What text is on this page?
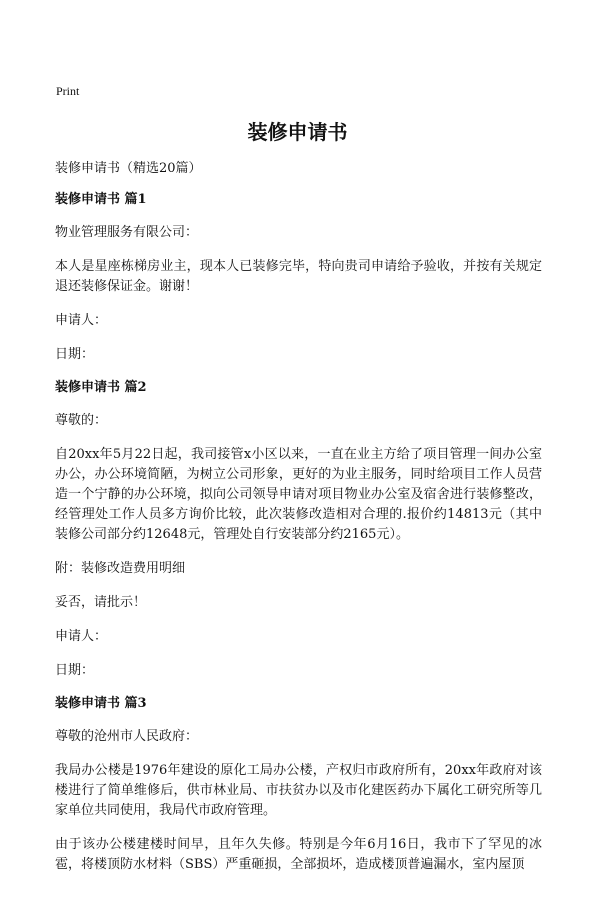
Print
装修申请书
装修申请书（精选20篇）
装修申请书 篇1

物业管理服务有限公司：

本人是星座栋梯房业主，现本人已装修完毕，特向贵司申请给予验收，并按有关规定退还装修保证金。谢谢！

申请人：

日期：

装修申请书 篇2

尊敬的：

自20xx年5月22日起，我司接管x小区以来，一直在业主方给了项目管理一间办公室办公，办公环境简陋，为树立公司形象，更好的为业主服务，同时给项目工作人员营造一个宁静的办公环境，拟向公司领导申请对项目物业办公室及宿舍进行装修整改，经管理处工作人员多方询价比较，此次装修改造相对合理的.报价约14813元（其中装修公司部分约12648元，管理处自行安装部分约2165元）。

附：装修改造费用明细

妥否，请批示！

申请人：

日期：

装修申请书 篇3

尊敬的沧州市人民政府：

我局办公楼是1976年建设的原化工局办公楼，产权归市政府所有，20xx年政府对该楼进行了简单维修后，供市林业局、市扶贫办以及市化建医药办下属化工研究所等几家单位共同使用，我局代市政府管理。

由于该办公楼建楼时间早，且年久失修。特别是今年6月16日，我市下了罕见的冰雹，将楼顶防水材料（SBS）严重砸损，全部损坏，造成楼顶普遍漏水，室内屋顶
